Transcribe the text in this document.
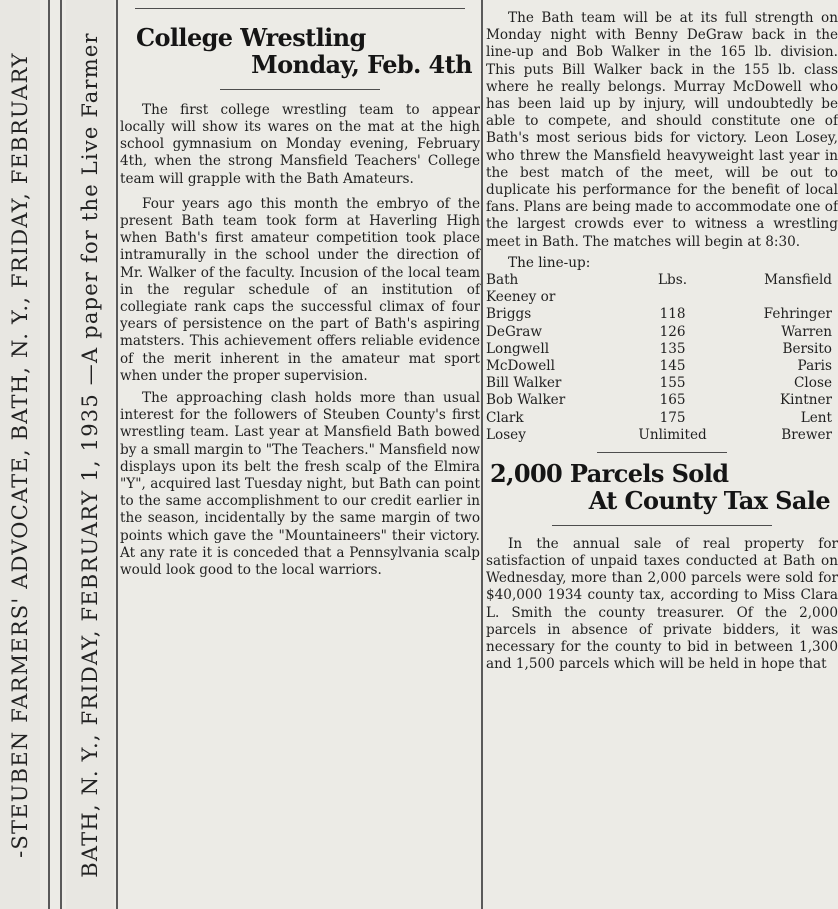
-STEUBEN FARMERS' ADVOCATE, BATH, N. Y., FRIDAY, FEBRUARY BATH, N. Y., FRIDAY, FEBRUARY 1, 1935 —A paper for the Live Farmer	College Wrestling
Monday, Feb. 4th

The first college wrestling team to appear locally will show its wares on the mat at the high school gymnasium on Monday evening, February 4th, when the strong Mansfield Teachers' College team will grapple with the Bath Amateurs.

Four years ago this month the embryo of the present Bath team took form at Haverling High when Bath's first amateur competition took place intramurally in the school under the direction of Mr. Walker of the faculty. Incusion of the local team in the regular schedule of an institution of collegiate rank caps the successful climax of four years of persistence on the part of Bath's aspiring matsters. This achievement offers reliable evidence of the merit inherent in the amateur mat sport when under the proper supervision.

The approaching clash holds more than usual interest for the followers of Steuben County's first wrestling team. Last year at Mansfield Bath bowed by a small margin to "The Teachers." Mansfield now displays upon its belt the fresh scalp of the Elmira "Y", acquired last Tuesday night, but Bath can point to the same accomplishment to our credit earlier in the season, incidentally by the same margin of two points which gave the "Mountaineers" their victory. At any rate it is conceded that a Pennsylvania scalp would look good to the local warriors.

The Bath team will be at its full strength on Monday night with Benny DeGraw back in the line-up and Bob Walker in the 165 lb. division. This puts Bill Walker back in the 155 lb. class where he really belongs. Murray McDowell who has been laid up by injury, will undoubtedly be able to compete, and should constitute one of Bath's most serious bids for victory. Leon Losey, who threw the Mansfield heavyweight last year in the best match of the meet, will be out to duplicate his performance for the benefit of local fans. Plans are being made to accommodate one of the largest crowds ever to witness a wrestling meet in Bath. The matches will begin at 8:30.

The line-up:
Bath	Lbs.	Mansfield
Keeney or		
Briggs	118	Fehringer
DeGraw	126	Warren
Longwell	135	Bersito
McDowell	145	Paris
Bill Walker	155	Close
Bob Walker	165	Kintner
Clark	175	Lent
Losey	Unlimited	Brewer
2,000 Parcels Sold
At County Tax Sale

In the annual sale of real property for satisfaction of unpaid taxes conducted at Bath on Wednesday, more than 2,000 parcels were sold for $40,000 1934 county tax, according to Miss Clara L. Smith the county treasurer. Of the 2,000 parcels in absence of private bidders, it was necessary for the county to bid in between 1,300 and 1,500 parcels which will be held in hope that
